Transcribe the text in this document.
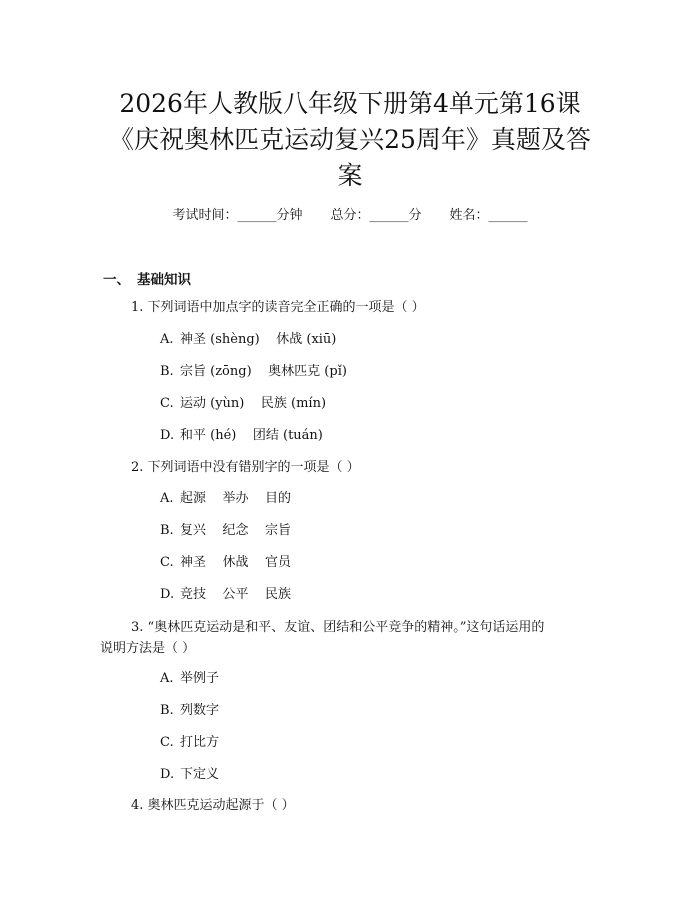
2026年人教版八年级下册第4单元第16课
《庆祝奥林匹克运动复兴25周年》真题及答
案
考试时间：______分钟 总分：______分 姓名：______
一、 基础知识
1. 下列词语中加点字的读音完全正确的一项是（ ）
A. 神圣 (shèng)    休战 (xiū)
B. 宗旨 (zōng)    奥林匹克 (pǐ)
C. 运动 (yùn)    民族 (mín)
D. 和平 (hé)    团结 (tuán)
2. 下列词语中没有错别字的一项是（ ）
A. 起源    举办    目的
B. 复兴    纪念    宗旨
C. 神圣    休战    官员
D. 竞技    公平    民族
3. “奥林匹克运动是和平、友谊、团结和公平竞争的精神。”这句话运用的
说明方法是（ ）
A. 举例子
B. 列数字
C. 打比方
D. 下定义
4. 奥林匹克运动起源于（ ）
